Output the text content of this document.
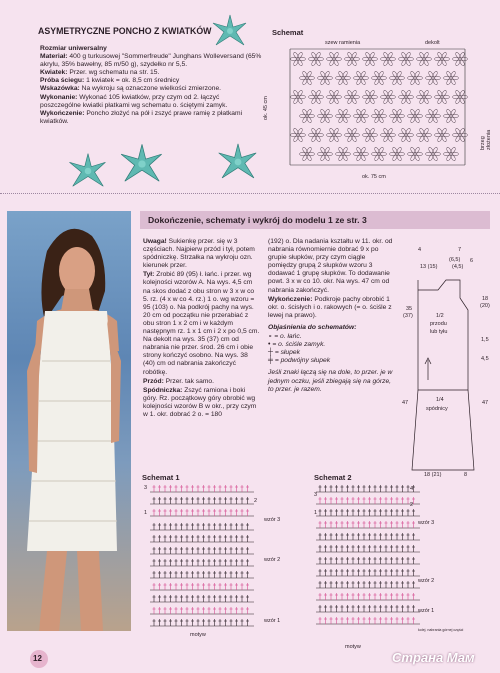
ASYMETRYCZNE PONCHO Z KWIATKÓW
Rozmiar uniwersalny
Materiał: 400 g turkusowej "Sommerfreude" Junghans Wolleversand (65% akrylu, 35% bawełny, 85 m/50 g), szydełko nr 5,5.
Kwiatek: Przer. wg schematu na str. 15.
Próba ściegu: 1 kwiatek = ok. 8,5 cm średnicy
Wskazówka: Na wykroju są oznaczone wielkości zmierzone.
Wykonanie: Wykonać 105 kwiatków, przy czym od 2. łączyć poszczególne kwiatki płatkami wg schematu o. ściętymi zamyk.
Wykończenie: Poncho złożyć na pół i zszyć prawe ramię z płatkami kwiatków.
Schemat
szew ramienia	dekolt
ok. 45 cm
brzeg złożenia
ok. 75 cm
Dokończenie, schematy i wykrój do modelu 1 ze str. 3

Uwaga! Sukienkę przer. się w 3 częściach. Najpierw przód i tył, potem spódniczkę. Strzałka na wykroju ozn. kierunek przer.

Tył: Zrobić 89 (95) ł. łańc. i przer. wg kolejności wzorów A. Na wys. 4,5 cm na skos dodać z obu stron w 3 x w co 5. rz. (4 x w co 4. rz.) 1 o. wg wzoru = 95 (103) o. Na podkrój pachy na wys. 20 cm od początku nie przerabiać z obu stron 1 x 2 cm i w każdym następnym rz. 1 x 1 cm i 2 x po 0,5 cm. Na dekolt na wys. 35 (37) cm od nabrania nie przer. środ. 26 cm i obie strony kończyć osobno. Na wys. 38 (40) cm od nabrania zakończyć robótkę.

Przód: Przer. tak samo.

Spódniczka: Zszyć ramiona i boki góry. Rz. początkowy góry obrobić wg kolejności wzorów B w okr., przy czym w 1. okr. dobrać 2 o. = 180

(192) o. Dla nadania kształtu w 11. okr. od nabrania równomiernie dobrać 9 x po grupie słupków, przy czym ciągle pomiędzy grupą 2 słupków wzoru 3 dodawać 1 grupę słupków. To dodawanie powt. 3 x w co 10. okr. Na wys. 47 cm od nabrania zakończyć.

Wykończenie: Podkroje pachy obrobić 1 okr. o. ścisłych i o. rakowych (= o. ściśle z lewej na prawo).

Objaśnienia do schematów:

∘ = o. łańc.
• = o. ściśle zamyk.
┼ = słupek
╪ = podwójny słupek

Jeśli znaki łączą się na dole, to przer. je w jednym oczku, jeśli zbiegają się na górze, to przer. je razem.

4	7
13 (15)
(6,5)
(4,5)
6
35
(37)	1/2
przodu
lub tyłu
18
(20)
1,5
4,5
1/4
spódnicy
47	47
18 (21)	8
Schemat 1
3
2
1
wzór 3
wzór 2
wzór 1
motyw
Schemat 2
4
3
2
1
wzór 3
wzór 2
wzór 1
kolej. nabrania górnej części
motyw
12	Страна Мам
